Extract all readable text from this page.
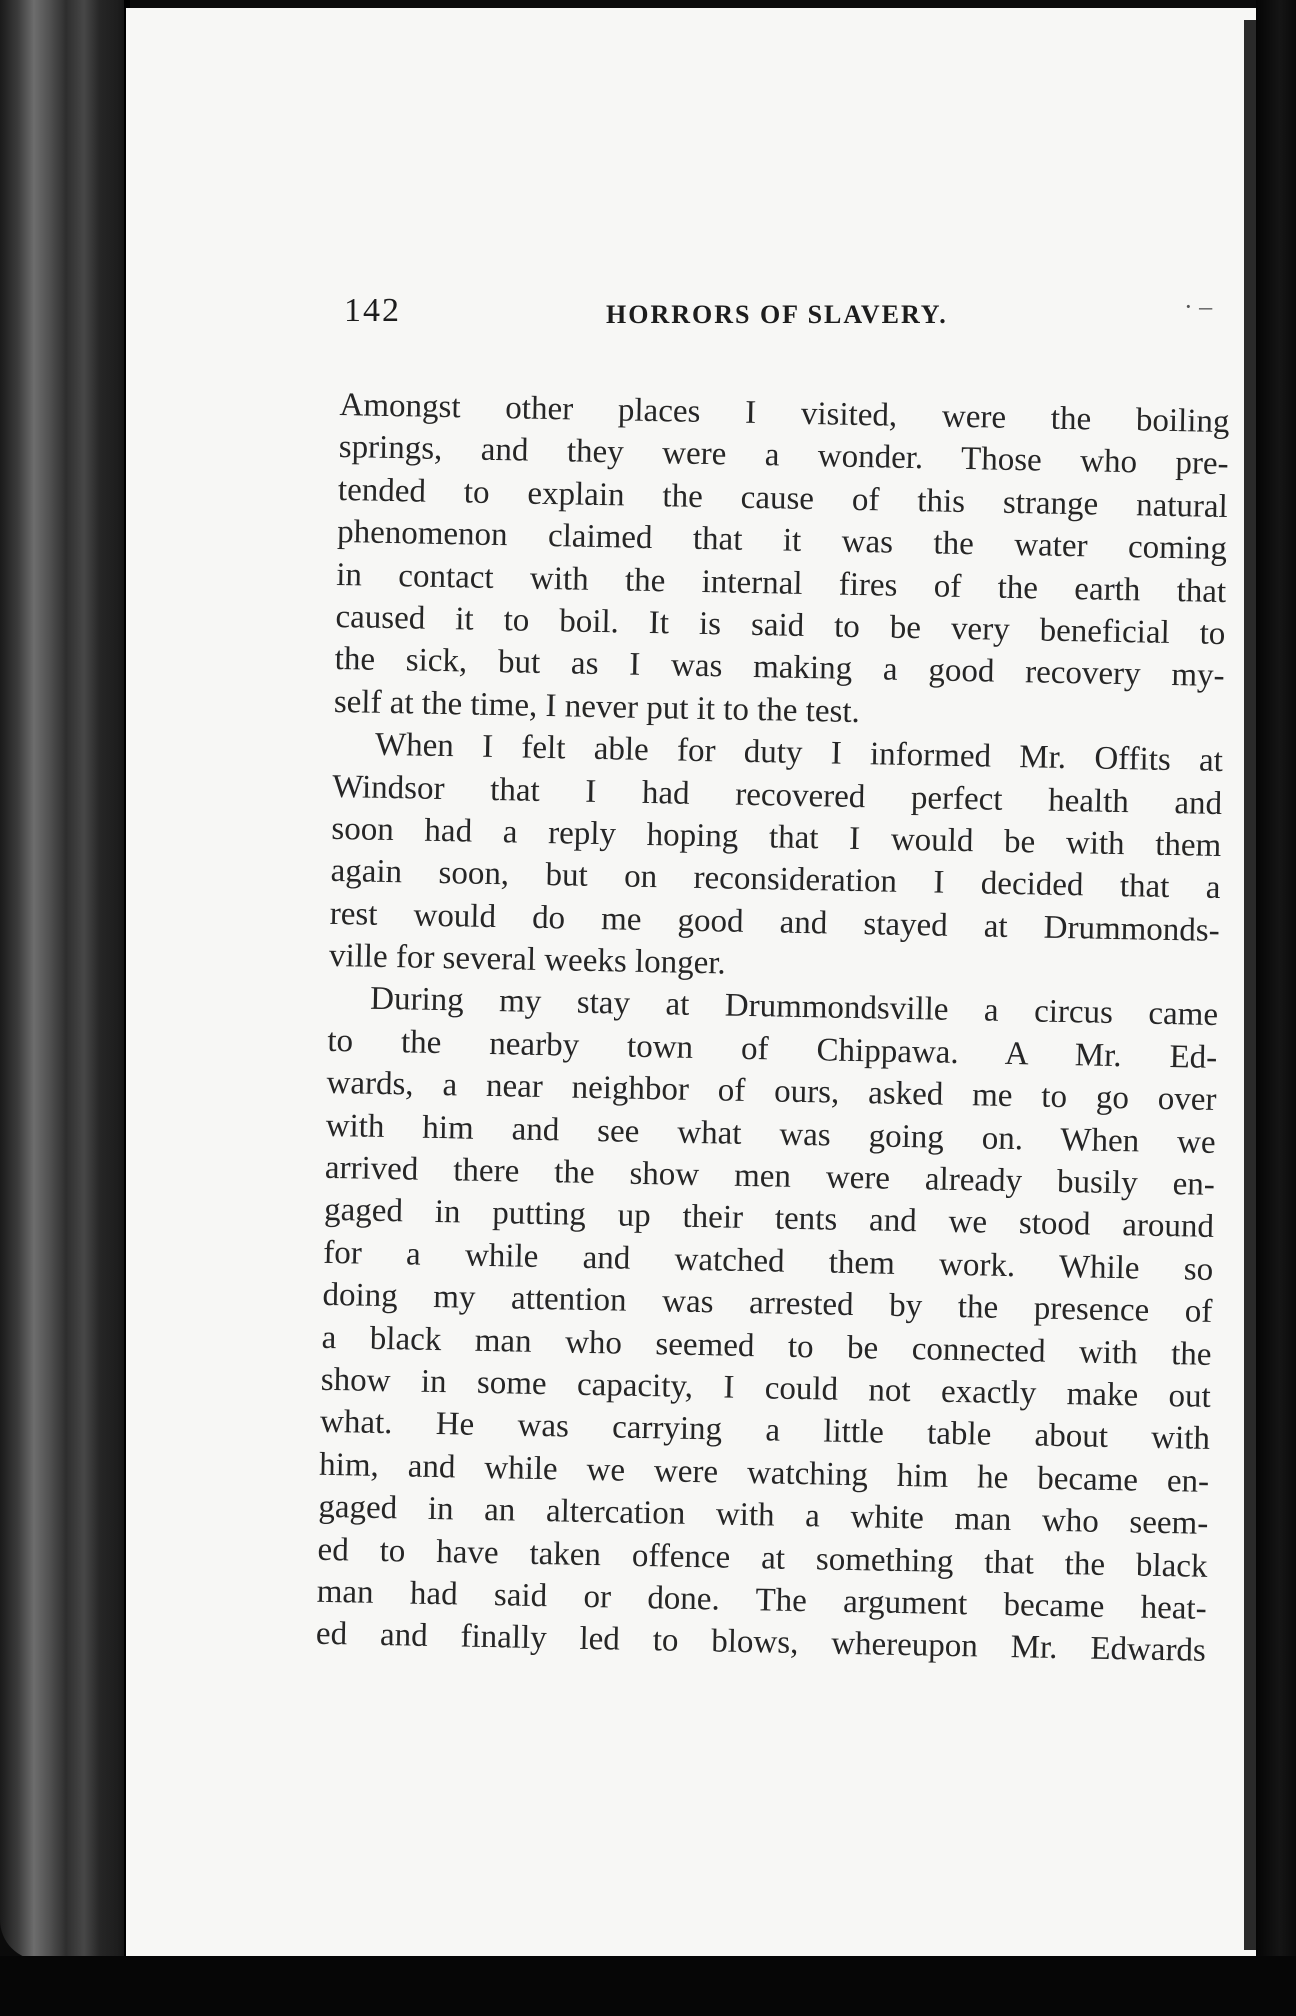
142	HORRORS OF SLAVERY.	· –
Amongst other places I visited, were the boiling
springs, and they were a wonder. Those who pre-
tended to explain the cause of this strange natural
phenomenon claimed that it was the water coming
in contact with the internal fires of the earth that
caused it to boil. It is said to be very beneficial to
the sick, but as I was making a good recovery my-
self at the time, I never put it to the test.
When I felt able for duty I informed Mr. Offits at
Windsor that I had recovered perfect health and
soon had a reply hoping that I would be with them
again soon, but on reconsideration I decided that a
rest would do me good and stayed at Drummonds-
ville for several weeks longer.
During my stay at Drummondsville a circus came
to the nearby town of Chippawa. A Mr. Ed-
wards, a near neighbor of ours, asked me to go over
with him and see what was going on. When we
arrived there the show men were already busily en-
gaged in putting up their tents and we stood around
for a while and watched them work. While so
doing my attention was arrested by the presence of
a black man who seemed to be connected with the
show in some capacity, I could not exactly make out
what. He was carrying a little table about with
him, and while we were watching him he became en-
gaged in an altercation with a white man who seem-
ed to have taken offence at something that the black
man had said or done. The argument became heat-
ed and finally led to blows, whereupon Mr. Edwards
